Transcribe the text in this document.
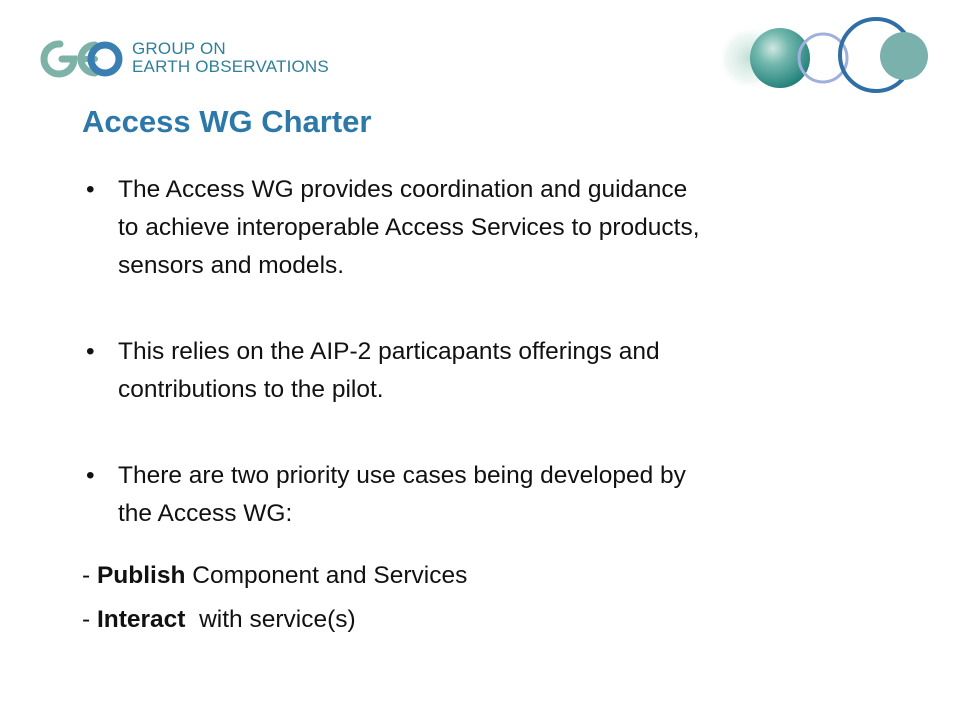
GROUP ON
EARTH OBSERVATIONS
Access WG Charter
• The Access WG provides coordination and guidance
to achieve interoperable Access Services to products,
sensors and models.
• This relies on the AIP-2 particapants offerings and
contributions to the pilot.
• There are two priority use cases being developed by
the Access WG:
- Publish Component and Services
- Interact  with service(s)
